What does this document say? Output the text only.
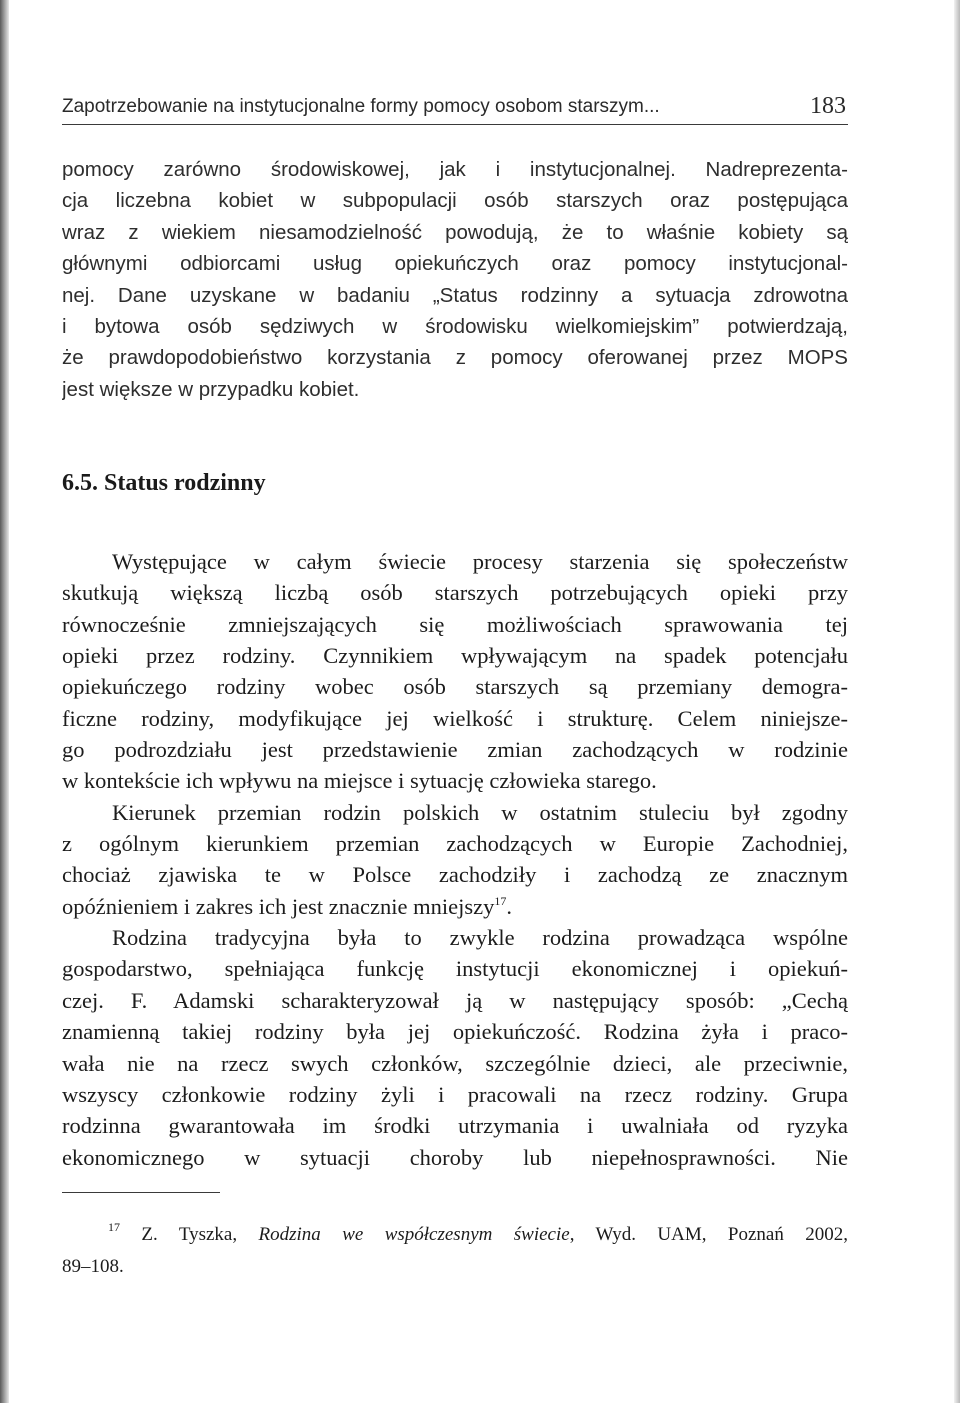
Zapotrzebowanie na instytucjonalne formy pomocy osobom starszym...	183
pomocy zarówno środowiskowej, jak i instytucjonalnej. Nadreprezenta-
cja liczebna kobiet w subpopulacji osób starszych oraz postępująca
wraz z wiekiem niesamodzielność powodują, że to właśnie kobiety są
głównymi odbiorcami usług opiekuńczych oraz pomocy instytucjonal-
nej. Dane uzyskane w badaniu „Status rodzinny a sytuacja zdrowotna
i bytowa osób sędziwych w środowisku wielkomiejskim” potwierdzają,
że prawdopodobieństwo korzystania z pomocy oferowanej przez MOPS
jest większe w przypadku kobiet.
6.5. Status rodzinny
Występujące w całym świecie procesy starzenia się społeczeństw
skutkują większą liczbą osób starszych potrzebujących opieki przy
równocześnie zmniejszających się możliwościach sprawowania tej
opieki przez rodziny. Czynnikiem wpływającym na spadek potencjału
opiekuńczego rodziny wobec osób starszych są przemiany demogra-
ficzne rodziny, modyfikujące jej wielkość i strukturę. Celem niniejsze-
go podrozdziału jest przedstawienie zmian zachodzących w rodzinie
w kontekście ich wpływu na miejsce i sytuację człowieka starego.
Kierunek przemian rodzin polskich w ostatnim stuleciu był zgodny
z ogólnym kierunkiem przemian zachodzących w Europie Zachodniej,
chociaż zjawiska te w Polsce zachodziły i zachodzą ze znacznym
opóźnieniem i zakres ich jest znacznie mniejszy$^{17}$.
Rodzina tradycyjna była to zwykle rodzina prowadząca wspólne
gospodarstwo, spełniająca funkcję instytucji ekonomicznej i opiekuń-
czej. F. Adamski scharakteryzował ją w następujący sposób: „Cechą
znamienną takiej rodziny była jej opiekuńczość. Rodzina żyła i praco-
wała nie na rzecz swych członków, szczególnie dzieci, ale przeciwnie,
wszyscy członkowie rodziny żyli i pracowali na rzecz rodziny. Grupa
rodzinna gwarantowała im środki utrzymania i uwalniała od ryzyka
ekonomicznego w sytuacji choroby lub niepełnosprawności. Nie
$^{17}$ Z. Tyszka, Rodzina we współczesnym świecie, Wyd. UAM, Poznań 2002,
89–108.
